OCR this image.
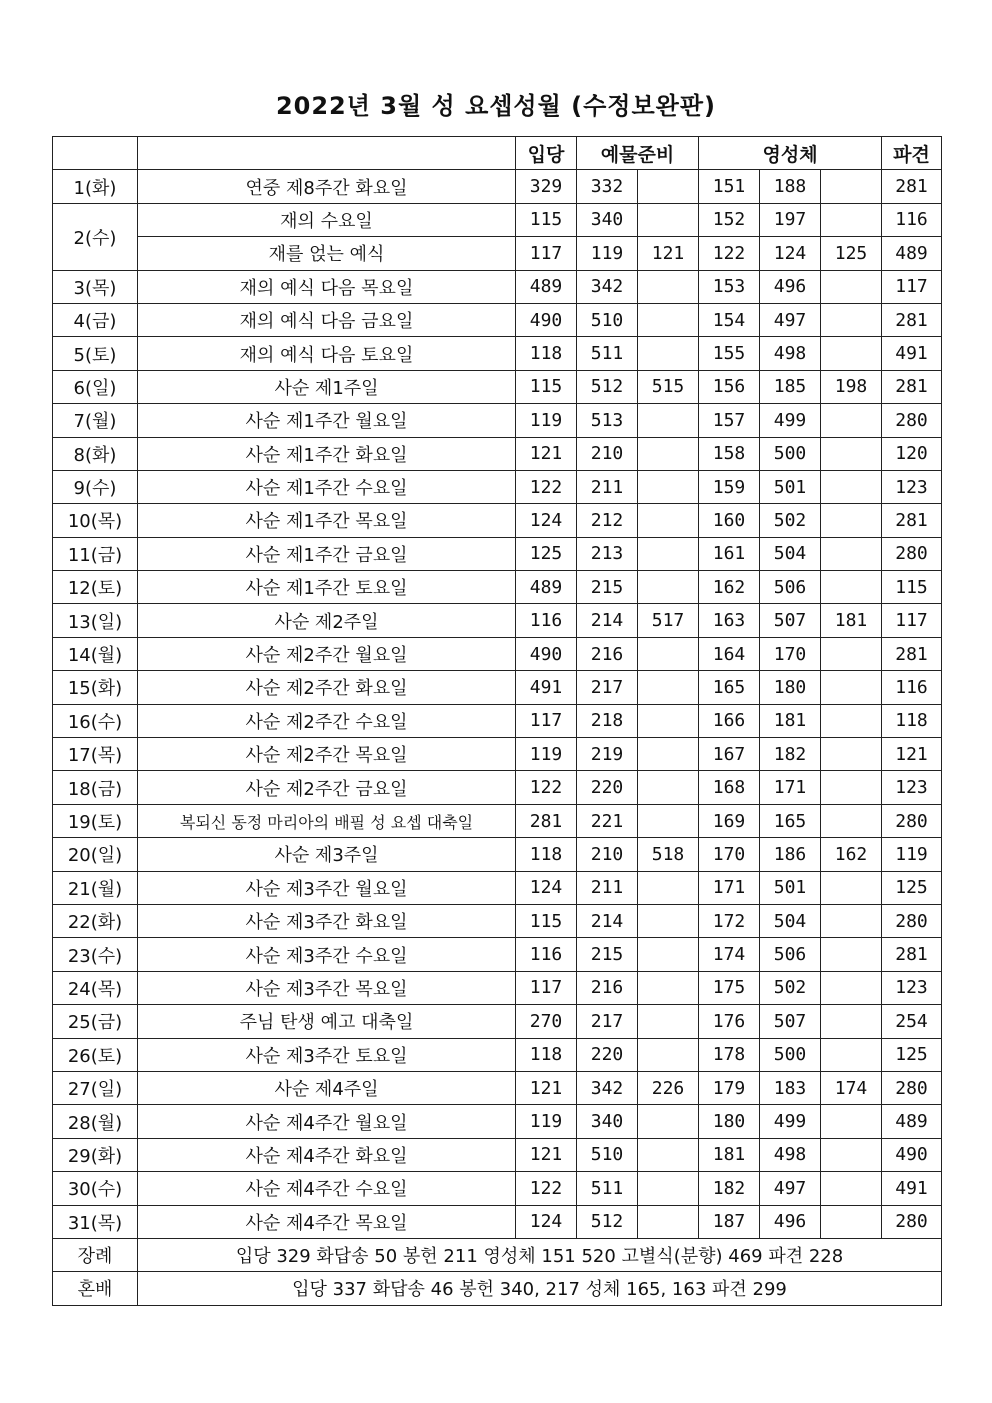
2022년 3월 성 요셉성월 (수정보완판)
		입당	예물준비		영성체			파견
1(화)	연중 제8주간 화요일	329	332		151	188		281
2(수)	재의 수요일	115	340		152	197		116
	재를 얹는 예식	117	119	121	122	124	125	489
3(목)	재의 예식 다음 목요일	489	342		153	496		117
4(금)	재의 예식 다음 금요일	490	510		154	497		281
5(토)	재의 예식 다음 토요일	118	511		155	498		491
6(일)	사순 제1주일	115	512	515	156	185	198	281
7(월)	사순 제1주간 월요일	119	513		157	499		280
8(화)	사순 제1주간 화요일	121	210		158	500		120
9(수)	사순 제1주간 수요일	122	211		159	501		123
10(목)	사순 제1주간 목요일	124	212		160	502		281
11(금)	사순 제1주간 금요일	125	213		161	504		280
12(토)	사순 제1주간 토요일	489	215		162	506		115
13(일)	사순 제2주일	116	214	517	163	507	181	117
14(월)	사순 제2주간 월요일	490	216		164	170		281
15(화)	사순 제2주간 화요일	491	217		165	180		116
16(수)	사순 제2주간 수요일	117	218		166	181		118
17(목)	사순 제2주간 목요일	119	219		167	182		121
18(금)	사순 제2주간 금요일	122	220		168	171		123
19(토)	복되신 동정 마리아의 배필 성 요셉 대축일	281	221		169	165		280
20(일)	사순 제3주일	118	210	518	170	186	162	119
21(월)	사순 제3주간 월요일	124	211		171	501		125
22(화)	사순 제3주간 화요일	115	214		172	504		280
23(수)	사순 제3주간 수요일	116	215		174	506		281
24(목)	사순 제3주간 목요일	117	216		175	502		123
25(금)	주님 탄생 예고 대축일	270	217		176	507		254
26(토)	사순 제3주간 토요일	118	220		178	500		125
27(일)	사순 제4주일	121	342	226	179	183	174	280
28(월)	사순 제4주간 월요일	119	340		180	499		489
29(화)	사순 제4주간 화요일	121	510		181	498		490
30(수)	사순 제4주간 수요일	122	511		182	497		491
31(목)	사순 제4주간 목요일	124	512		187	496		280
장례	입당 329 화답송 50 봉헌 211 영성체 151 520 고별식(분향) 469 파견 228							
혼배	입당 337 화답송 46 봉헌 340, 217 성체 165, 163 파견 299							
